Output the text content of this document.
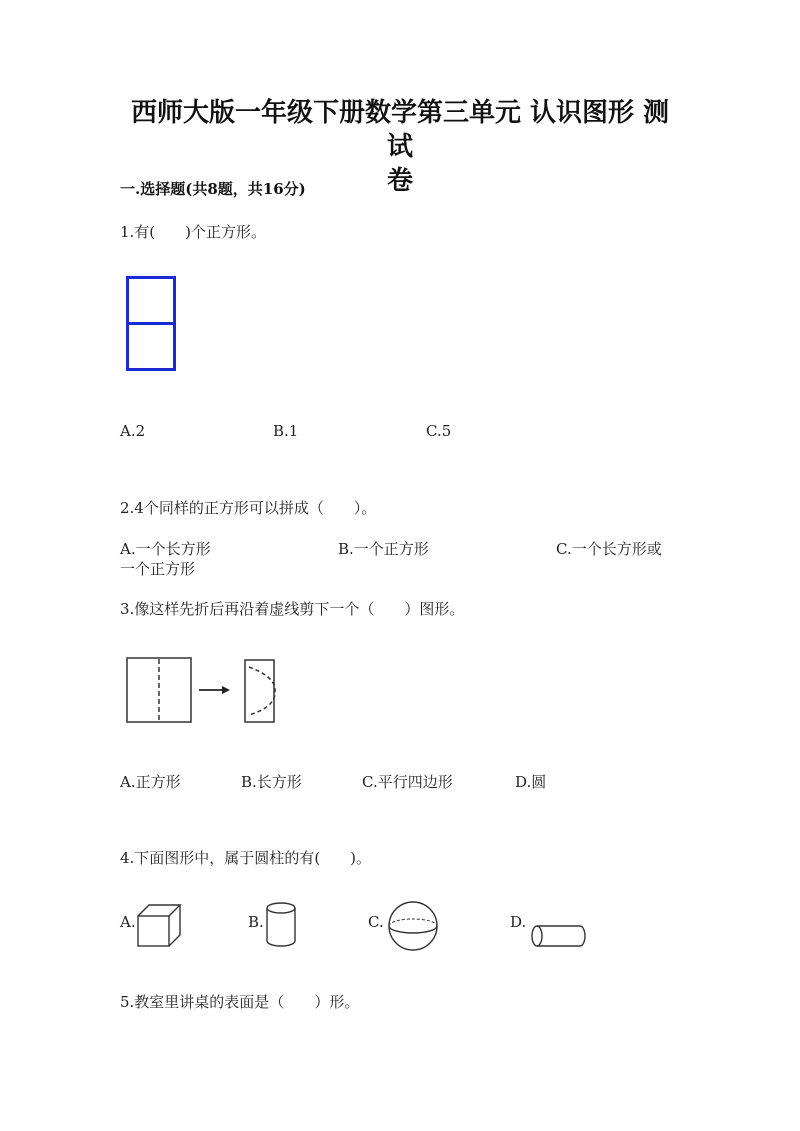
西师大版一年级下册数学第三单元 认识图形 测试
卷
一.选择题(共8题，共16分)
1.有(　　)个正方形。
A.2	B.1	C.5
2.4个同样的正方形可以拼成（　　）。
A.一个长方形	B.一个正方形	C.一个长方形或
一个正方形
3.像这样先折后再沿着虚线剪下一个（　　）图形。
A.正方形	B.长方形	C.平行四边形	D.圆
4.下面图形中，属于圆柱的有(　　)。
A.	B.	C.	D.
5.教室里讲桌的表面是（　　）形。
